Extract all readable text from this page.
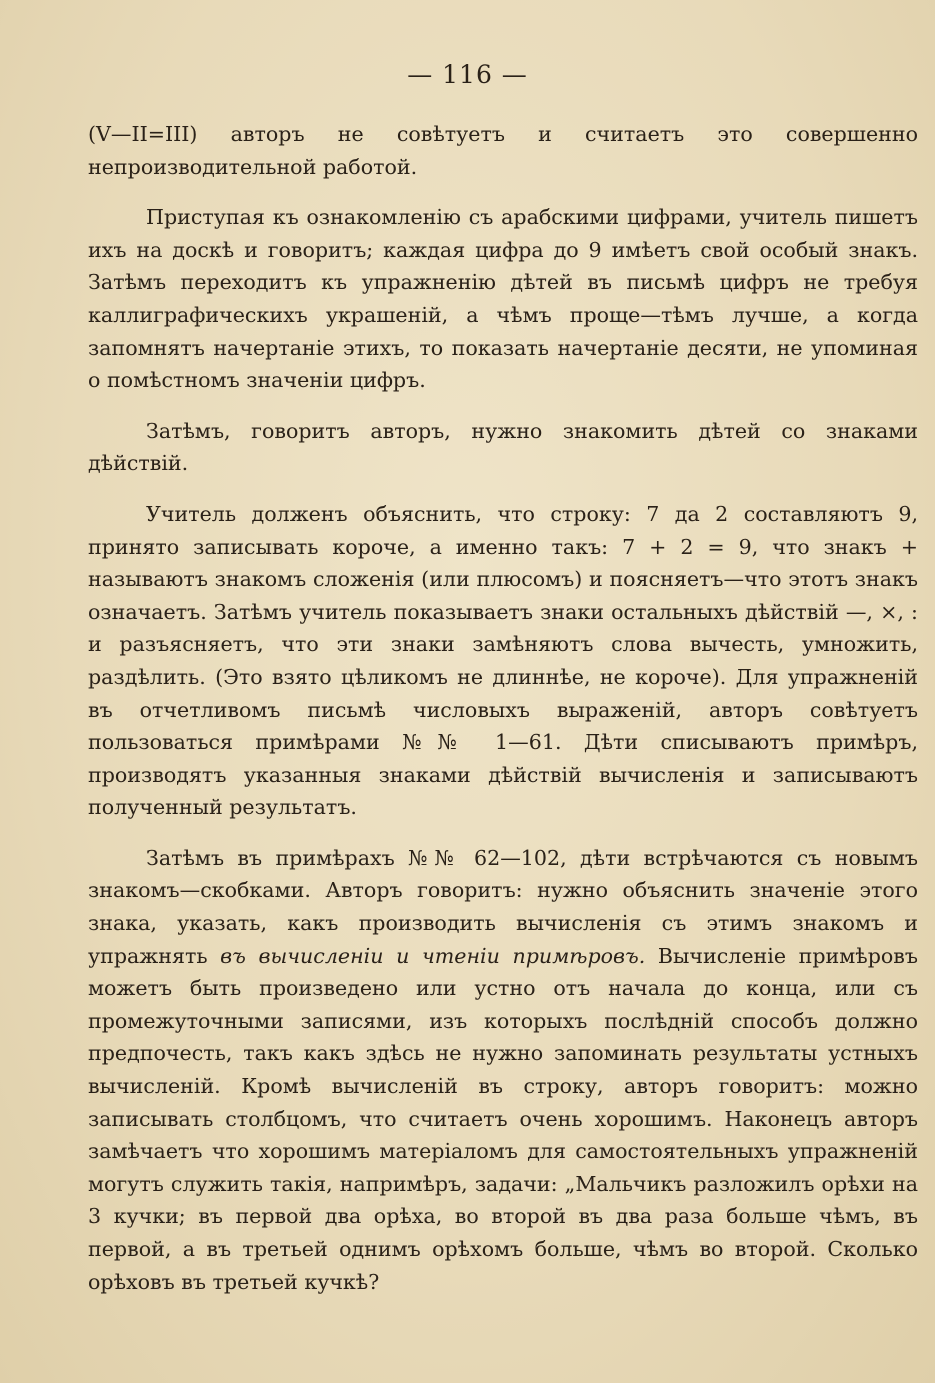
— 116 —

(V—II=III) авторъ не совѣтуетъ и считаетъ это совершенно непроизводительной работой.

Приступая къ ознакомленію съ арабскими цифрами, учитель пишетъ ихъ на доскѣ и говоритъ; каждая цифра до 9 имѣетъ свой особый знакъ. Затѣмъ переходитъ къ упражненію дѣтей въ письмѣ цифръ не требуя каллиграфическихъ украшеній, а чѣмъ проще—тѣмъ лучше, а когда запомнятъ начертаніе этихъ, то показать начертаніе десяти, не упоминая о помѣстномъ значеніи цифръ.

Затѣмъ, говоритъ авторъ, нужно знакомить дѣтей со знаками дѣйствій.

Учитель долженъ объяснить, что строку: 7 да 2 составляютъ 9, принято записывать короче, а именно такъ: 7 + 2 = 9, что знакъ + называютъ знакомъ сложенія (или плюсомъ) и поясняетъ—что этотъ знакъ означаетъ. Затѣмъ учитель показываетъ знаки остальныхъ дѣйствій —, ×, : и разъясняетъ, что эти знаки замѣняютъ слова вычесть, умножить, раздѣлить. (Это взято цѣликомъ не длиннѣе, не короче). Для упражненій въ отчетливомъ письмѣ числовыхъ выраженій, авторъ совѣтуетъ пользоваться примѣрами №№ 1—61. Дѣти списываютъ примѣръ, производятъ указанныя знаками дѣйствій вычисленія и записываютъ полученный результатъ.

Затѣмъ въ примѣрахъ №№ 62—102, дѣти встрѣчаются съ новымъ знакомъ—скобками. Авторъ говоритъ: нужно объяснить значеніе этого знака, указать, какъ производить вычисленія съ этимъ знакомъ и упражнять въ вычисленіи и чтеніи примѣровъ. Вычисленіе примѣровъ можетъ быть произведено или устно отъ начала до конца, или съ промежуточными записями, изъ которыхъ послѣдній способъ должно предпочесть, такъ какъ здѣсь не нужно запоминать результаты устныхъ вычисленій. Кромѣ вычисленій въ строку, авторъ говоритъ: можно записывать столбцомъ, что считаетъ очень хорошимъ. Наконецъ авторъ замѣчаетъ что хорошимъ матеріаломъ для самостоятельныхъ упражненій могутъ служить такія, напримѣръ, задачи: „Мальчикъ разложилъ орѣхи на 3 кучки; въ первой два орѣха, во второй въ два раза больше чѣмъ, въ первой, а въ третьей однимъ орѣхомъ больше, чѣмъ во второй. Сколько орѣховъ въ третьей кучкѣ?
